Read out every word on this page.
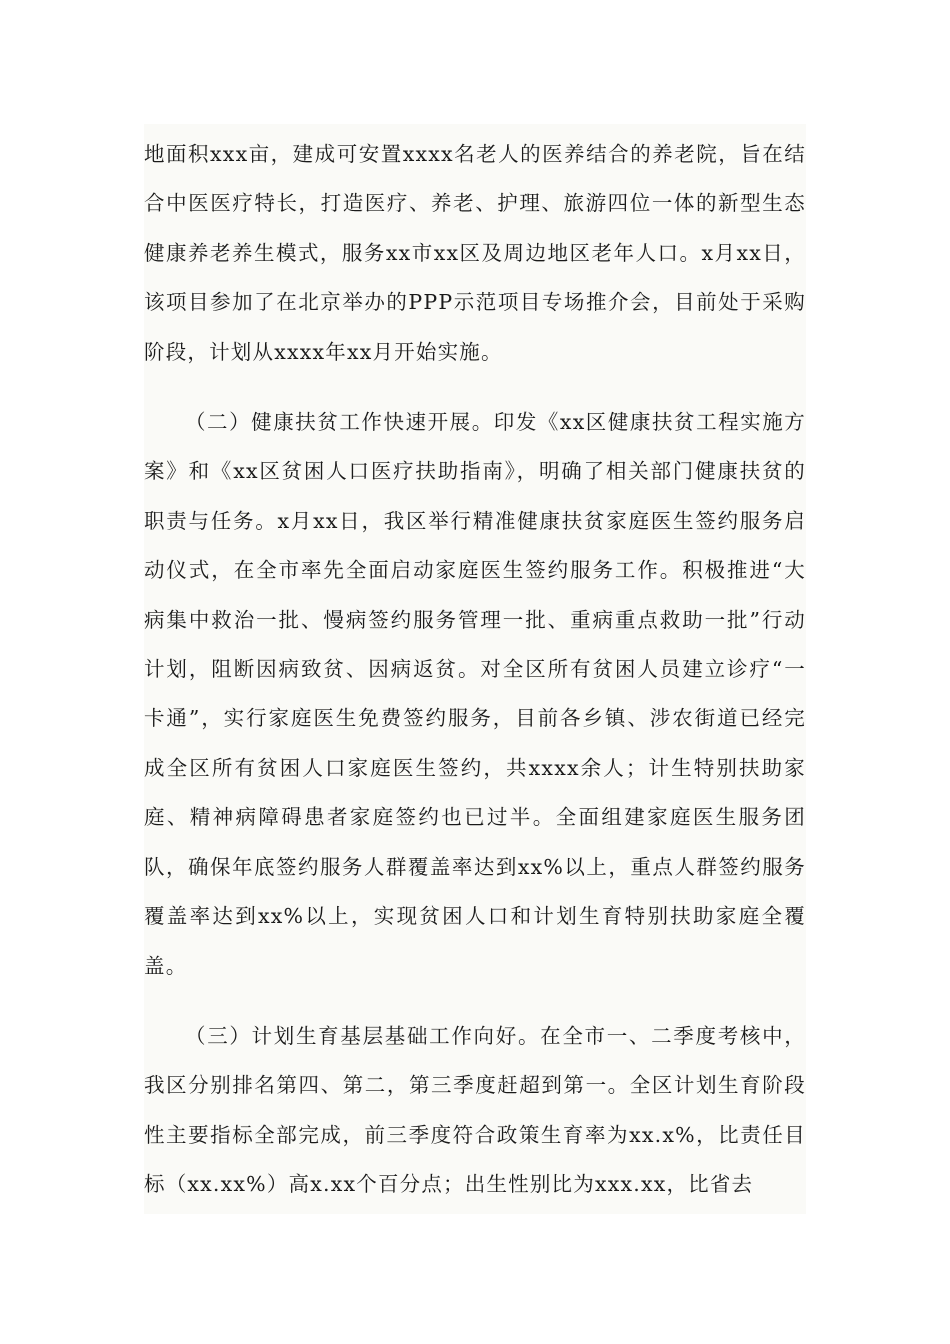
地面积xxx亩，建成可安置xxxx名老人的医养结合的养老院，旨在结合中医医疗特长，打造医疗、养老、护理、旅游四位一体的新型生态健康养老养生模式，服务xx市xx区及周边地区老年人口。x月xx日，该项目参加了在北京举办的PPP示范项目专场推介会，目前处于采购阶段，计划从xxxx年xx月开始实施。

（二）健康扶贫工作快速开展。印发《xx区健康扶贫工程实施方案》和《xx区贫困人口医疗扶助指南》，明确了相关部门健康扶贫的职责与任务。x月xx日，我区举行精准健康扶贫家庭医生签约服务启动仪式，在全市率先全面启动家庭医生签约服务工作。积极推进“大病集中救治一批、慢病签约服务管理一批、重病重点救助一批”行动计划，阻断因病致贫、因病返贫。对全区所有贫困人员建立诊疗“一卡通”，实行家庭医生免费签约服务，目前各乡镇、涉农街道已经完成全区所有贫困人口家庭医生签约，共xxxx余人；计生特别扶助家庭、精神病障碍患者家庭签约也已过半。全面组建家庭医生服务团队，确保年底签约服务人群覆盖率达到xx%以上，重点人群签约服务覆盖率达到xx%以上，实现贫困人口和计划生育特别扶助家庭全覆盖。

（三）计划生育基层基础工作向好。在全市一、二季度考核中，我区分别排名第四、第二，第三季度赶超到第一。全区计划生育阶段性主要指标全部完成，前三季度符合政策生育率为xx.x%，比责任目标（xx.xx%）高x.xx个百分点；出生性别比为xxx.xx，比省去
